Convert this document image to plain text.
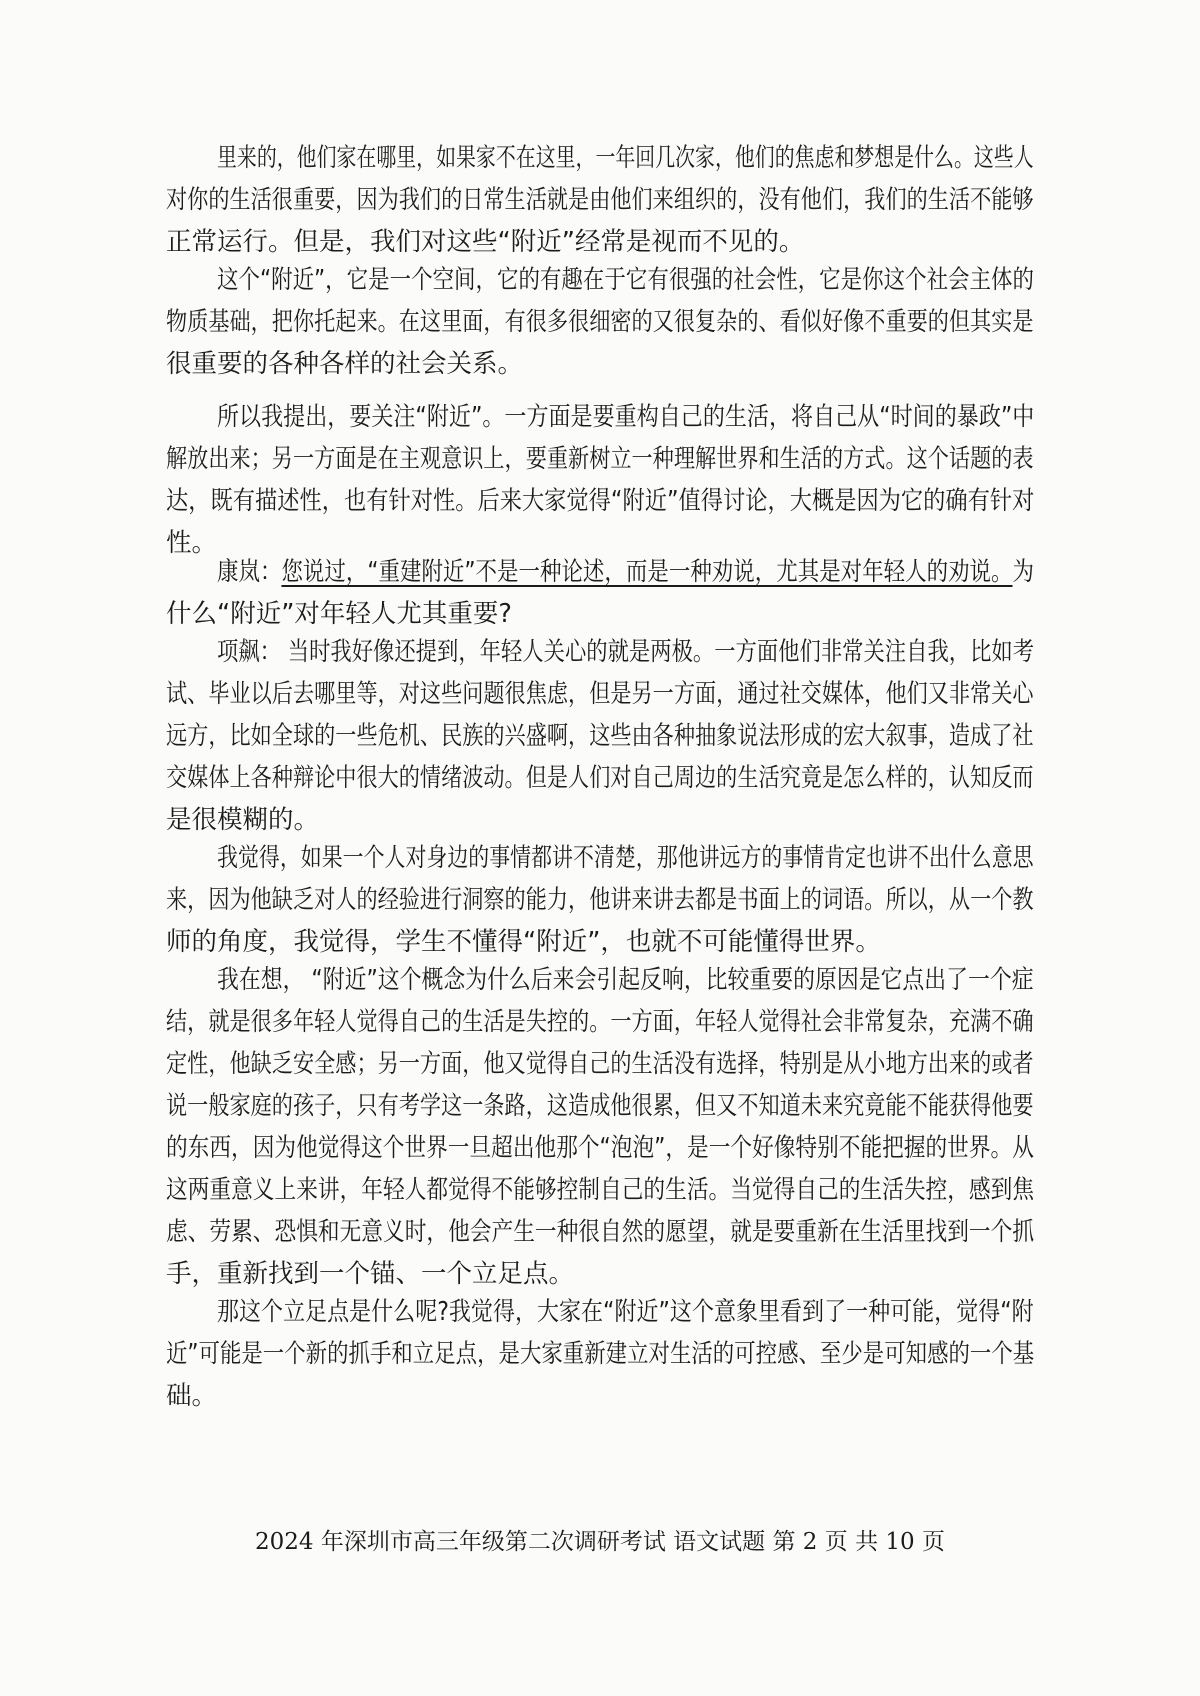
里来的，他们家在哪里，如果家不在这里，一年回几次家，他们的焦虑和梦想是什么。这些人
对你的生活很重要，因为我们的日常生活就是由他们来组织的，没有他们，我们的生活不能够
正常运行。但是，我们对这些“附近”经常是视而不见的。
这个“附近”，它是一个空间，它的有趣在于它有很强的社会性，它是你这个社会主体的
物质基础，把你托起来。在这里面，有很多很细密的又很复杂的、看似好像不重要的但其实是
很重要的各种各样的社会关系。
所以我提出，要关注“附近”。一方面是要重构自己的生活，将自己从“时间的暴政”中
解放出来；另一方面是在主观意识上，要重新树立一种理解世界和生活的方式。这个话题的表
达，既有描述性，也有针对性。后来大家觉得“附近”值得讨论，大概是因为它的确有针对
性。
康岚：您说过，“重建附近”不是一种论述，而是一种劝说，尤其是对年轻人的劝说。为
什么“附近”对年轻人尤其重要?
项飙： 当时我好像还提到，年轻人关心的就是两极。一方面他们非常关注自我，比如考
试、毕业以后去哪里等，对这些问题很焦虑，但是另一方面，通过社交媒体，他们又非常关心
远方，比如全球的一些危机、民族的兴盛啊，这些由各种抽象说法形成的宏大叙事，造成了社
交媒体上各种辩论中很大的情绪波动。但是人们对自己周边的生活究竟是怎么样的，认知反而
是很模糊的。
我觉得，如果一个人对身边的事情都讲不清楚，那他讲远方的事情肯定也讲不出什么意思
来，因为他缺乏对人的经验进行洞察的能力，他讲来讲去都是书面上的词语。所以，从一个教
师的角度，我觉得，学生不懂得“附近”，也就不可能懂得世界。
我在想， “附近”这个概念为什么后来会引起反响，比较重要的原因是它点出了一个症
结，就是很多年轻人觉得自己的生活是失控的。一方面，年轻人觉得社会非常复杂，充满不确
定性，他缺乏安全感；另一方面，他又觉得自己的生活没有选择，特别是从小地方出来的或者
说一般家庭的孩子，只有考学这一条路，这造成他很累，但又不知道未来究竟能不能获得他要
的东西，因为他觉得这个世界一旦超出他那个“泡泡”，是一个好像特别不能把握的世界。从
这两重意义上来讲，年轻人都觉得不能够控制自己的生活。当觉得自己的生活失控，感到焦
虑、劳累、恐惧和无意义时，他会产生一种很自然的愿望，就是要重新在生活里找到一个抓
手，重新找到一个锚、一个立足点。
那这个立足点是什么呢?我觉得，大家在“附近”这个意象里看到了一种可能，觉得“附
近”可能是一个新的抓手和立足点，是大家重新建立对生活的可控感、至少是可知感的一个基
础。
2024 年深圳市高三年级第二次调研考试 语文试题 第 2 页 共 10 页
